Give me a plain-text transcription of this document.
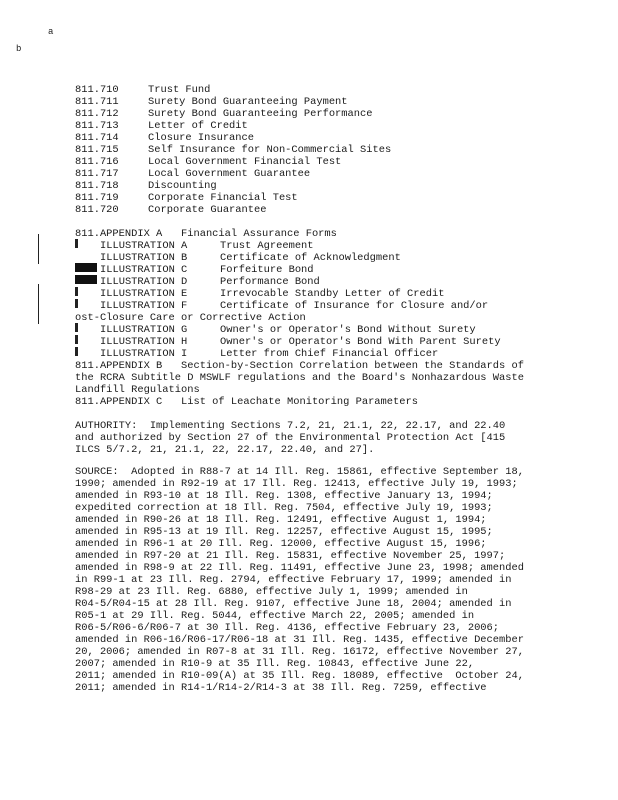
a
b
811.710	Trust Fund
811.711	Surety Bond Guaranteeing Payment
811.712	Surety Bond Guaranteeing Performance
811.713	Letter of Credit
811.714	Closure Insurance
811.715	Self Insurance for Non-Commercial Sites
811.716	Local Government Financial Test
811.717	Local Government Guarantee
811.718	Discounting
811.719	Corporate Financial Test
811.720	Corporate Guarantee
811.APPENDIX A   Financial Assurance Forms
ILLUSTRATION A	Trust Agreement
ILLUSTRATION B	Certificate of Acknowledgment
ILLUSTRATION C	Forfeiture Bond
ILLUSTRATION D	Performance Bond
ILLUSTRATION E	Irrevocable Standby Letter of Credit
ILLUSTRATION F	Certificate of Insurance for Closure and/or
ost-Closure Care or Corrective Action
ILLUSTRATION G	Owner's or Operator's Bond Without Surety
ILLUSTRATION H	Owner's or Operator's Bond With Parent Surety
ILLUSTRATION I	Letter from Chief Financial Officer
811.APPENDIX B   Section-by-Section Correlation between the Standards of
the RCRA Subtitle D MSWLF regulations and the Board's Nonhazardous Waste
Landfill Regulations
811.APPENDIX C   List of Leachate Monitoring Parameters
AUTHORITY:  Implementing Sections 7.2, 21, 21.1, 22, 22.17, and 22.40
and authorized by Section 27 of the Environmental Protection Act [415
ILCS 5/7.2, 21, 21.1, 22, 22.17, 22.40, and 27].
SOURCE:  Adopted in R88-7 at 14 Ill. Reg. 15861, effective September 18,
1990; amended in R92-19 at 17 Ill. Reg. 12413, effective July 19, 1993;
amended in R93-10 at 18 Ill. Reg. 1308, effective January 13, 1994;
expedited correction at 18 Ill. Reg. 7504, effective July 19, 1993;
amended in R90-26 at 18 Ill. Reg. 12491, effective August 1, 1994;
amended in R95-13 at 19 Ill. Reg. 12257, effective August 15, 1995;
amended in R96-1 at 20 Ill. Reg. 12000, effective August 15, 1996;
amended in R97-20 at 21 Ill. Reg. 15831, effective November 25, 1997;
amended in R98-9 at 22 Ill. Reg. 11491, effective June 23, 1998; amended
in R99-1 at 23 Ill. Reg. 2794, effective February 17, 1999; amended in
R98-29 at 23 Ill. Reg. 6880, effective July 1, 1999; amended in
R04-5/R04-15 at 28 Ill. Reg. 9107, effective June 18, 2004; amended in
R05-1 at 29 Ill. Reg. 5044, effective March 22, 2005; amended in
R06-5/R06-6/R06-7 at 30 Ill. Reg. 4136, effective February 23, 2006;
amended in R06-16/R06-17/R06-18 at 31 Ill. Reg. 1435, effective December
20, 2006; amended in R07-8 at 31 Ill. Reg. 16172, effective November 27,
2007; amended in R10-9 at 35 Ill. Reg. 10843, effective June 22,
2011; amended in R10-09(A) at 35 Ill. Reg. 18089, effective  October 24,
2011; amended in R14-1/R14-2/R14-3 at 38 Ill. Reg. 7259, effective
